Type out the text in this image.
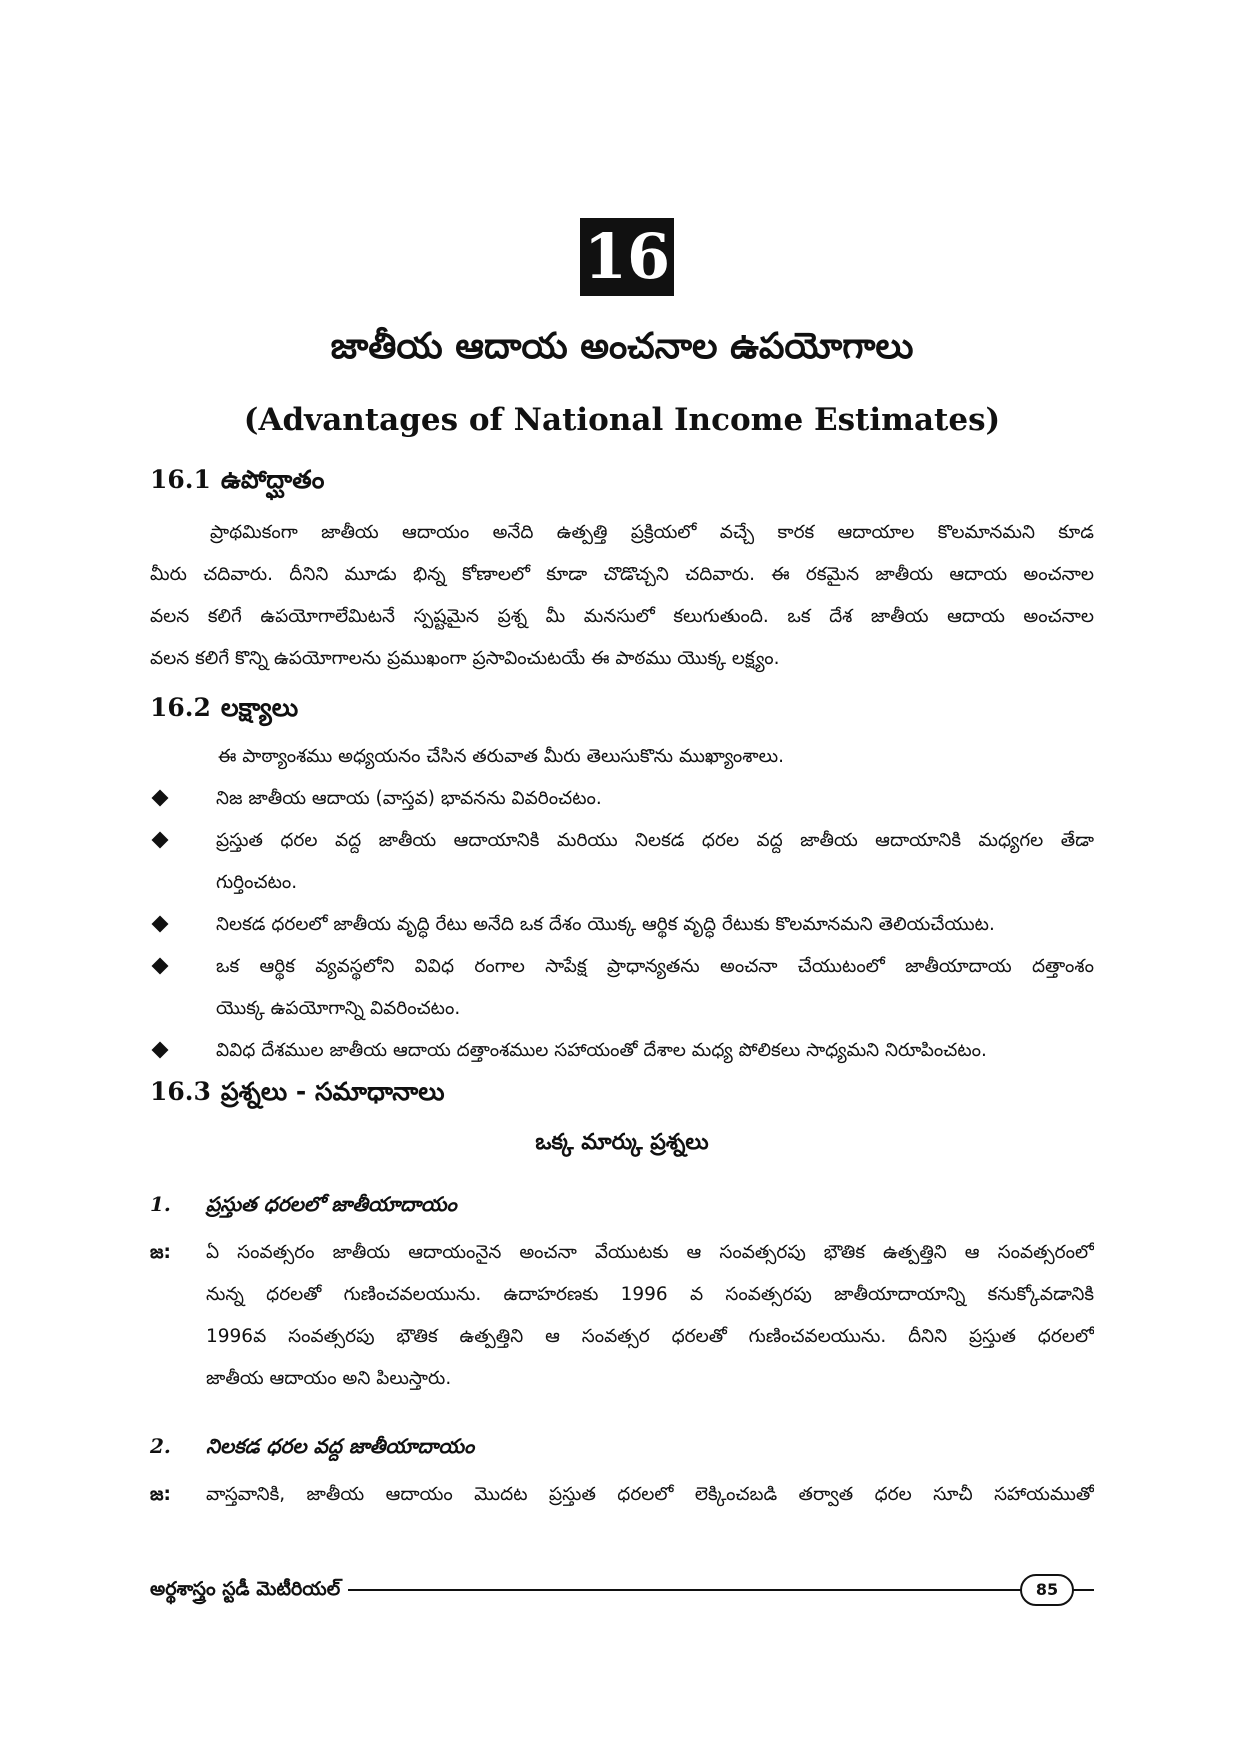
16
జాతీయ ఆదాయ అంచనాల ఉపయోగాలు
(Advantages of National Income Estimates)
16.1 ఉపోద్ఘాతం
ప్రాథమికంగా జాతీయ ఆదాయం అనేది ఉత్పత్తి ప్రక్రియలో వచ్చే కారక ఆదాయాల కొలమానమని కూడ
మీరు చదివారు. దీనిని మూడు భిన్న కోణాలలో కూడా చొడొచ్చని చదివారు. ఈ రకమైన జాతీయ ఆదాయ అంచనాల
వలన కలిగే ఉపయోగాలేమిటనే స్పష్టమైన ప్రశ్న మీ మనసులో కలుగుతుంది. ఒక దేశ జాతీయ ఆదాయ అంచనాల
వలన కలిగే కొన్ని ఉపయోగాలను ప్రముఖంగా ప్రసావించుటయే ఈ పాఠము యొక్క లక్ష్యం.
16.2 లక్ష్యాలు
ఈ పాఠ్యాంశము అధ్యయనం చేసిన తరువాత మీరు తెలుసుకొను ముఖ్యాంశాలు.
నిజ జాతీయ ఆదాయ (వాస్తవ) భావనను వివరించటం.
ప్రస్తుత ధరల వద్ద జాతీయ ఆదాయానికి మరియు నిలకడ ధరల వద్ద జాతీయ ఆదాయానికి మధ్యగల తేడా
గుర్తించటం.
నిలకడ ధరలలో జాతీయ వృద్ధి రేటు అనేది ఒక దేశం యొక్క ఆర్థిక వృద్ధి రేటుకు కొలమానమని తెలియచేయుట.
ఒక ఆర్థిక వ్యవస్థలోని వివిధ రంగాల సాపేక్ష ప్రాధాన్యతను అంచనా చేయుటంలో జాతీయాదాయ దత్తాంశం
యొక్క ఉపయోగాన్ని వివరించటం.
వివిధ దేశముల జాతీయ ఆదాయ దత్తాంశముల సహాయంతో దేశాల మధ్య పోలికలు సాధ్యమని నిరూపించటం.
16.3 ప్రశ్నలు - సమాధానాలు
ఒక్క మార్కు ప్రశ్నలు
1. ప్రస్తుత ధరలలో జాతీయాదాయం
జ: ఏ సంవత్సరం జాతీయ ఆదాయంనైన అంచనా వేయుటకు ఆ సంవత్సరపు భౌతిక ఉత్పత్తిని ఆ సంవత్సరంలో
నున్న ధరలతో గుణించవలయును. ఉదాహరణకు 1996 వ సంవత్సరపు జాతీయాదాయాన్ని కనుక్కోవడానికి
1996వ సంవత్సరపు భౌతిక ఉత్పత్తిని ఆ సంవత్సర ధరలతో గుణించవలయును. దీనిని ప్రస్తుత ధరలలో
జాతీయ ఆదాయం అని పిలుస్తారు.
2. నిలకడ ధరల వద్ద జాతీయాదాయం
జ: వాస్తవానికి, జాతీయ ఆదాయం మొదట ప్రస్తుత ధరలలో లెక్కించబడి తర్వాత ధరల సూచీ సహాయముతో
అర్థశాస్త్రం స్టడీ మెటీరియల్	85
